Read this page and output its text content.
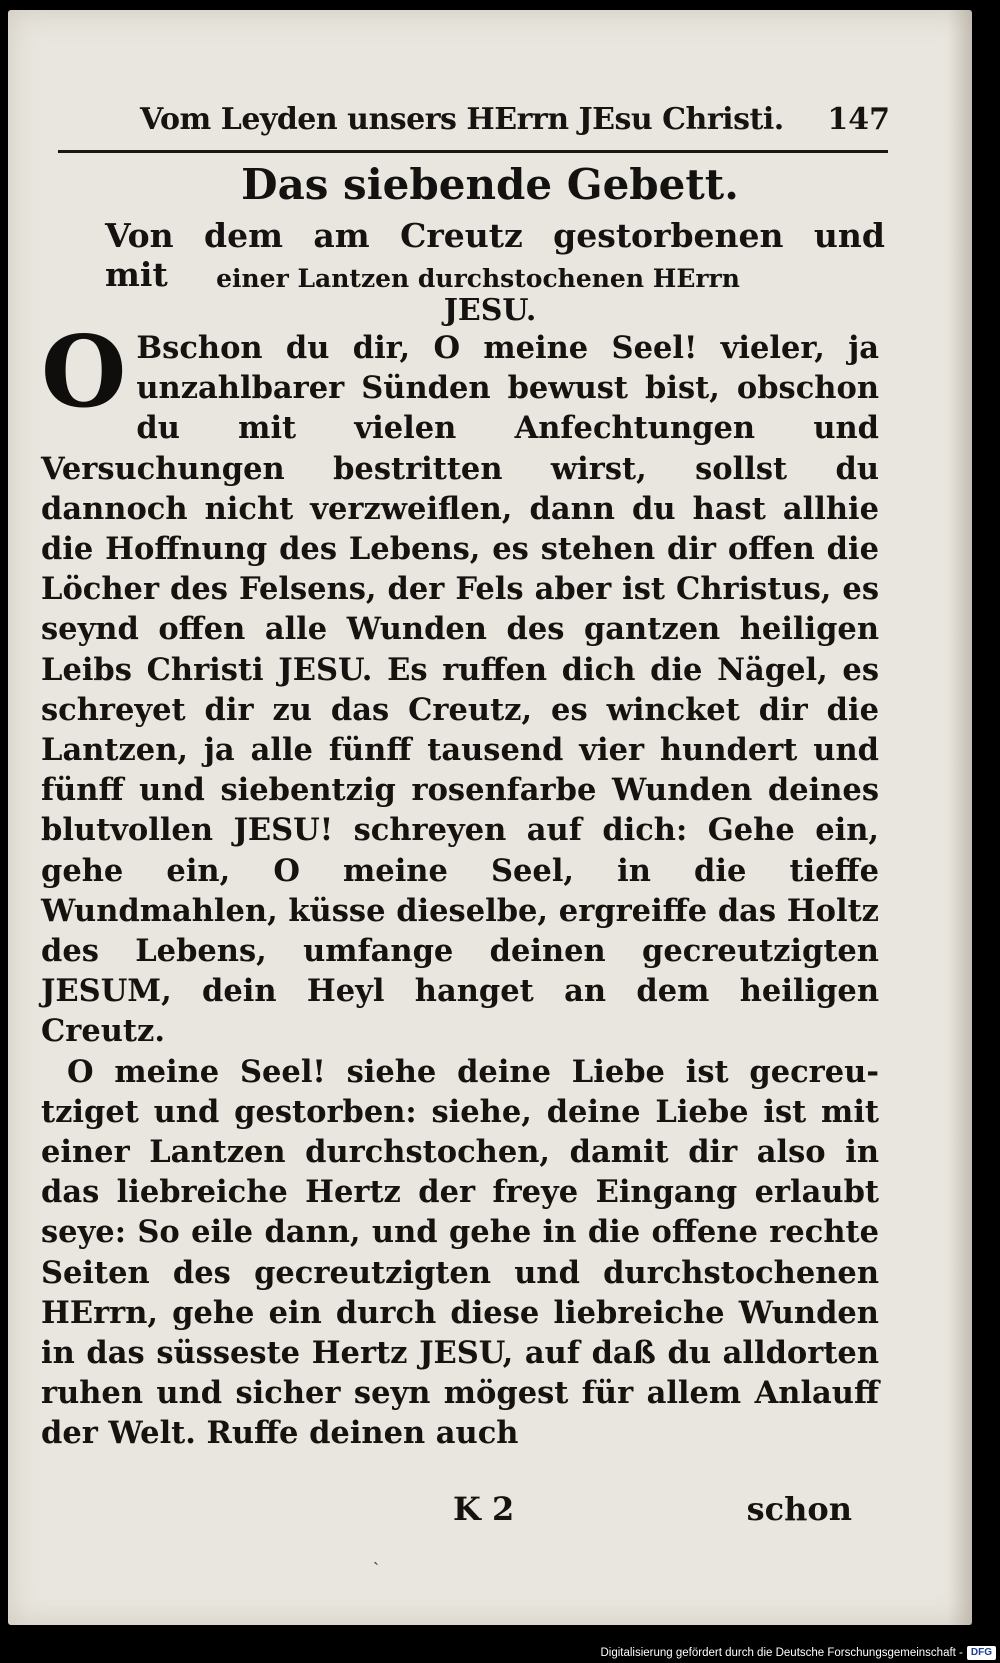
Vom Leyden unsers HErrn JEsu Christi. 147
Das siebende Gebett.
Von dem am Creutz gestorbenen und mit	einer Lantzen durchstochenen HErrn
JESU.

O Bschon du dir, O meine Seel! vieler, ja unzahlbarer Sünden bewust bist, obschon du mit vielen Anfechtungen und Versuchungen bestritten wirst, sollst du dannoch nicht verzweiflen, dann du hast allhie die Hoffnung des Lebens, es stehen dir offen die Löcher des Felsens, der Fels aber ist Christus, es seynd offen alle Wunden des gantzen heiligen Leibs Christi JESU. Es ruffen dich die Nägel, es schreyet dir zu das Creutz, es wincket dir die Lantzen, ja alle fünff tausend vier hundert und fünff und siebentzig rosenfarbe Wunden deines blutvollen JESU! schreyen auf dich: Gehe ein, gehe ein, O meine Seel, in die tieffe Wundmahlen, küsse dieselbe, ergreiffe das Holtz des Lebens, umfange deinen gecreutzigten JESUM, dein Heyl hanget an dem heiligen Creutz.

O meine Seel! siehe deine Liebe ist gecreutziget und gestorben: siehe, deine Liebe ist mit einer Lantzen durchstochen, damit dir also in das liebreiche Hertz der freye Eingang erlaubt seye: So eile dann, und gehe in die offene rechte Seiten des gecreutzigten und durchstochenen HErrn, gehe ein durch diese liebreiche Wunden in das süsseste Hertz JESU, auf daß du alldorten ruhen und sicher seyn mögest für allem Anlauff der Welt. Ruffe deinen auch

K 2	schon
ˏ
Digitalisierung gefördert durch die Deutsche Forschungsgemeinschaft - DFG
